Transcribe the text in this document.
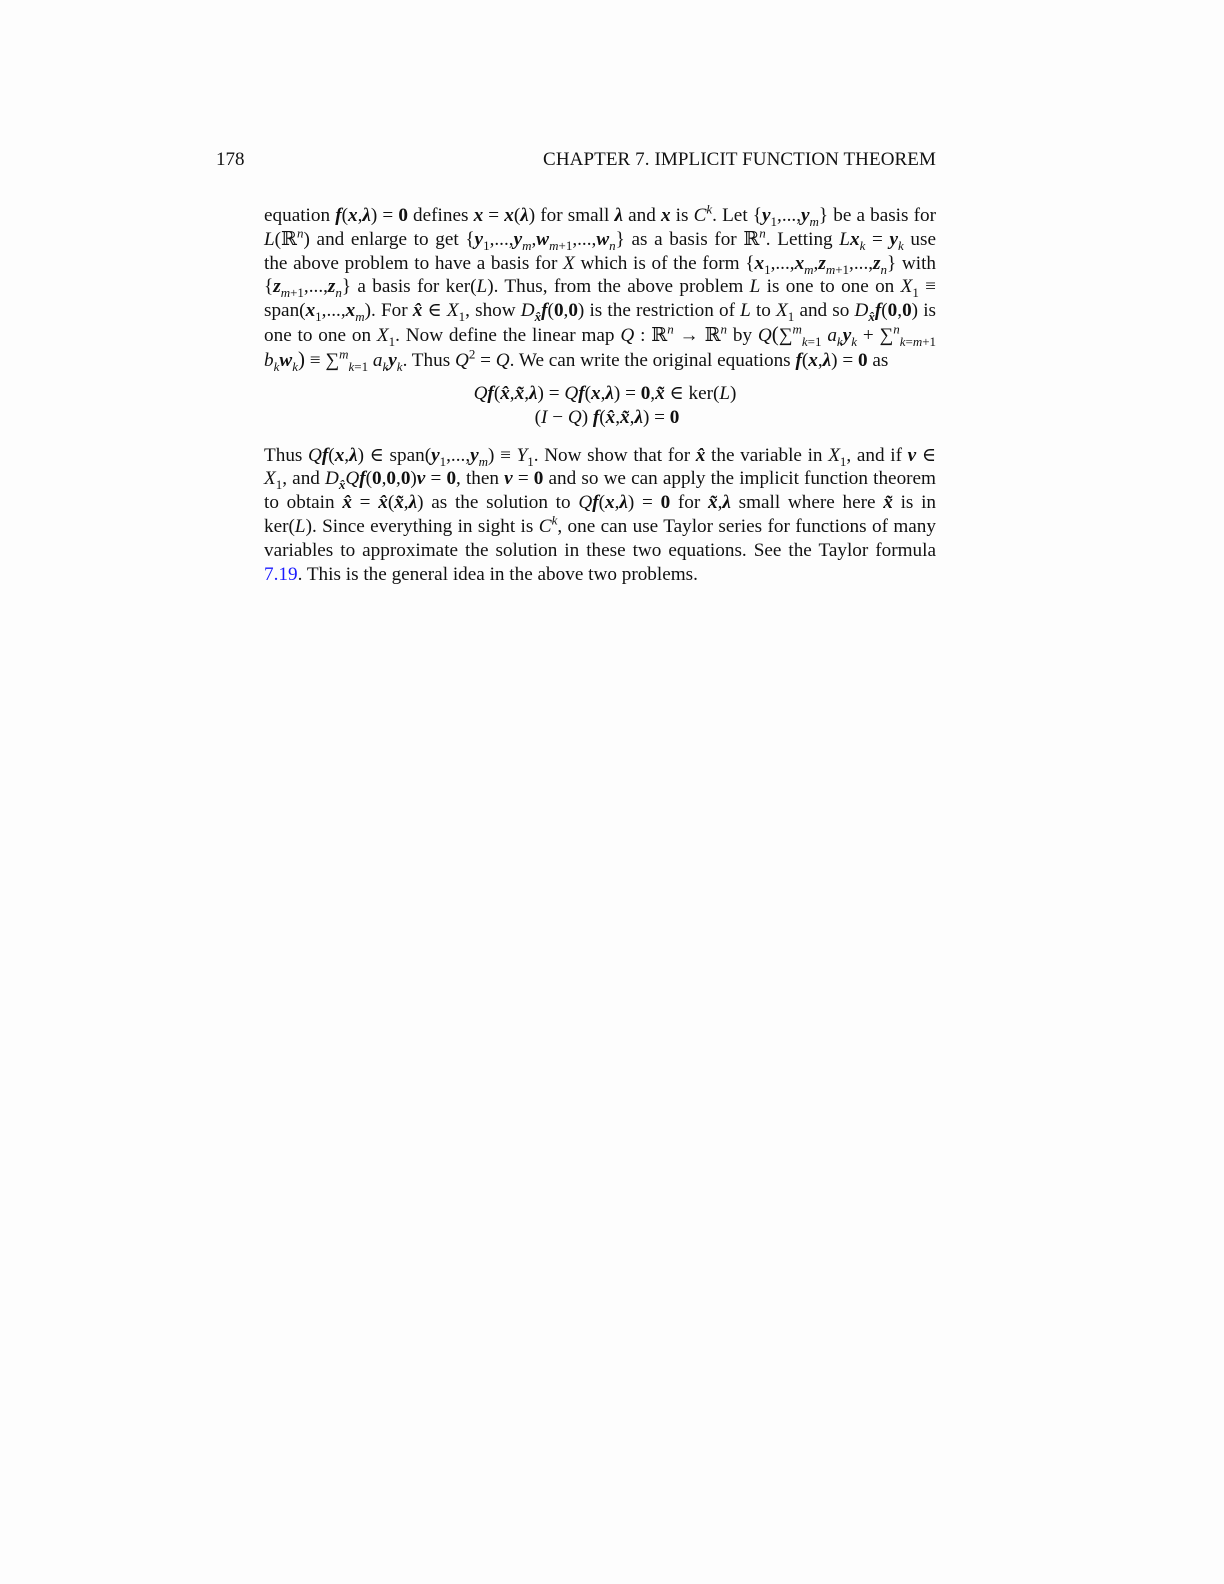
178	CHAPTER 7. IMPLICIT FUNCTION THEOREM

equation f(x,λ) = 0 defines x = x(λ) for small λ and x is $C^k$. Let $\{y_1,...,y_m\}$ be a basis for L(ℝ$^n$) and enlarge to get $\{y_1,...,y_m,w_{m+1},...,w_n\}$ as a basis for ℝ$^n$. Letting $Lx_k = y_k$ use the above problem to have a basis for X which is of the form $\{x_1,...,x_m,z_{m+1},...,z_n\}$ with $\{z_{m+1},...,z_n\}$ a basis for ker(L). Thus, from the above problem L is one to one on $X_1$ ≡ $span(x_1,...,x_m)$. For x̂ ∈ $X_1$, show $D_{x̂}f(0,0)$ is the restriction of L to $X_1$ and so $D_{x̂}f(0,0)$ is one to one on $X_1$. Now define the linear map Q : ℝ$^n$ → ℝ$^n$ by Q(∑$^m_{k=1}$ $a_ky_k + \sum^n_{k=m+1}$ $b_kw_k) \equiv \sum^m_{k=1}$ $a_ky_k$. Thus $Q^2 = Q$. We can write the original equations f(x,λ) = 0 as

Qf(x̂,x̃,λ) = Qf(x,λ) = 0,x̃ ∈ ker(L)
(I − Q) f(x̂,x̃,λ) = 0

Thus Qf(x,λ) ∈ $span(y_1,...,y_m) \equiv Y_1$. Now show that for x̂ the variable in $X_1$, and if v ∈ $X_1$, and $D_{x̂}Qf(0,0,0)v = 0$, then v = 0 and so we can apply the implicit function theorem to obtain x̂ = x̂(x̃,λ) as the solution to Qf(x,λ) = 0 for x̃,λ small where here x̃ is in ker(L). Since everything in sight is $C^k$, one can use Taylor series for functions of many variables to approximate the solution in these two equations. See the Taylor formula 7.19. This is the general idea in the above two problems.
